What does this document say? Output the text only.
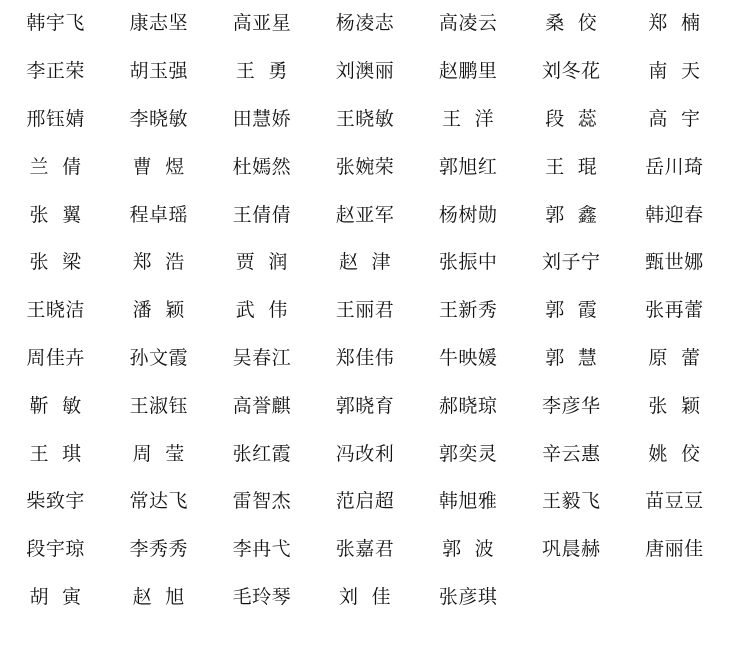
韩宇飞	康志坚	高亚星	杨凌志	高凌云	桑  佼	郑  楠
李正荣	胡玉强	王  勇	刘澳丽	赵鹏里	刘冬花	南  天
邢钰婧	李晓敏	田慧娇	王晓敏	王  洋	段  蕊	高  宇
兰  倩	曹  煜	杜嫣然	张婉荣	郭旭红	王  琨	岳川琦
张  翼	程卓瑶	王倩倩	赵亚军	杨树勋	郭  鑫	韩迎春
张  梁	郑  浩	贾  润	赵  津	张振中	刘子宁	甄世娜
王晓洁	潘  颖	武  伟	王丽君	王新秀	郭  霞	张再蕾
周佳卉	孙文霞	吴春江	郑佳伟	牛映媛	郭  慧	原  蕾
靳  敏	王淑钰	高誉麒	郭晓育	郝晓琼	李彦华	张  颖
王  琪	周  莹	张红霞	冯改利	郭奕灵	辛云惠	姚  佼
柴致宇	常达飞	雷智杰	范启超	韩旭雅	王毅飞	苗豆豆
段宇琼	李秀秀	李冉弋	张嘉君	郭  波	巩晨赫	唐丽佳
胡  寅	赵  旭	毛玲琴	刘  佳	张彦琪
